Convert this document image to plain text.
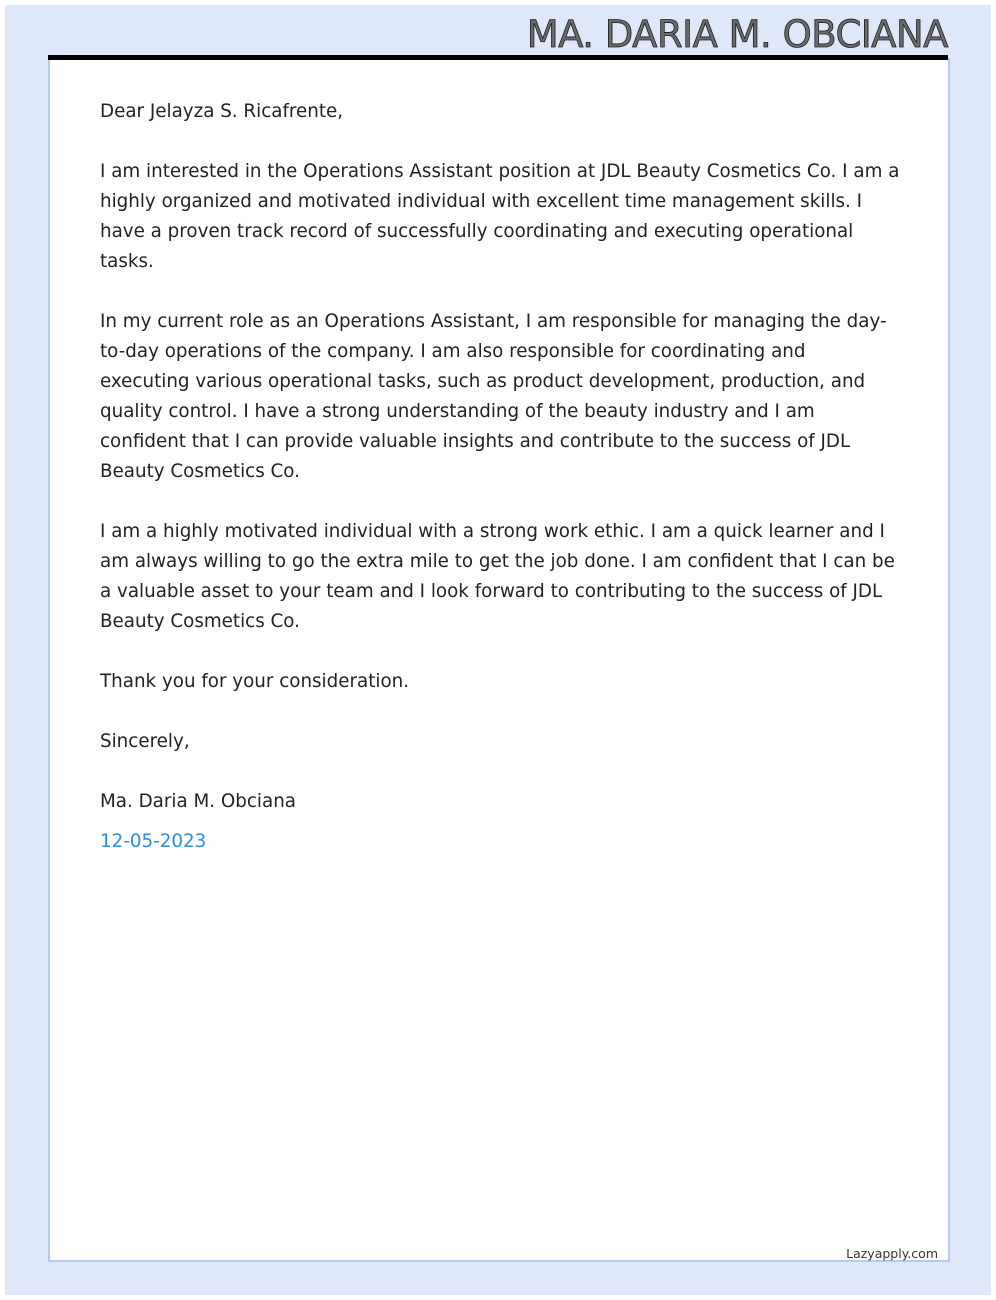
MA. DARIA M. OBCIANA

Dear Jelayza S. Ricafrente,

I am interested in the Operations Assistant position at JDL Beauty Cosmetics Co. I am a highly organized and motivated individual with excellent time management skills. I have a proven track record of successfully coordinating and executing operational tasks.

In my current role as an Operations Assistant, I am responsible for managing the day-to-day operations of the company. I am also responsible for coordinating and executing various operational tasks, such as product development, production, and quality control. I have a strong understanding of the beauty industry and I am confident that I can provide valuable insights and contribute to the success of JDL Beauty Cosmetics Co.

I am a highly motivated individual with a strong work ethic. I am a quick learner and I am always willing to go the extra mile to get the job done. I am confident that I can be a valuable asset to your team and I look forward to contributing to the success of JDL Beauty Cosmetics Co.

Thank you for your consideration.

Sincerely,

Ma. Daria M. Obciana

12-05-2023

Lazyapply.com
